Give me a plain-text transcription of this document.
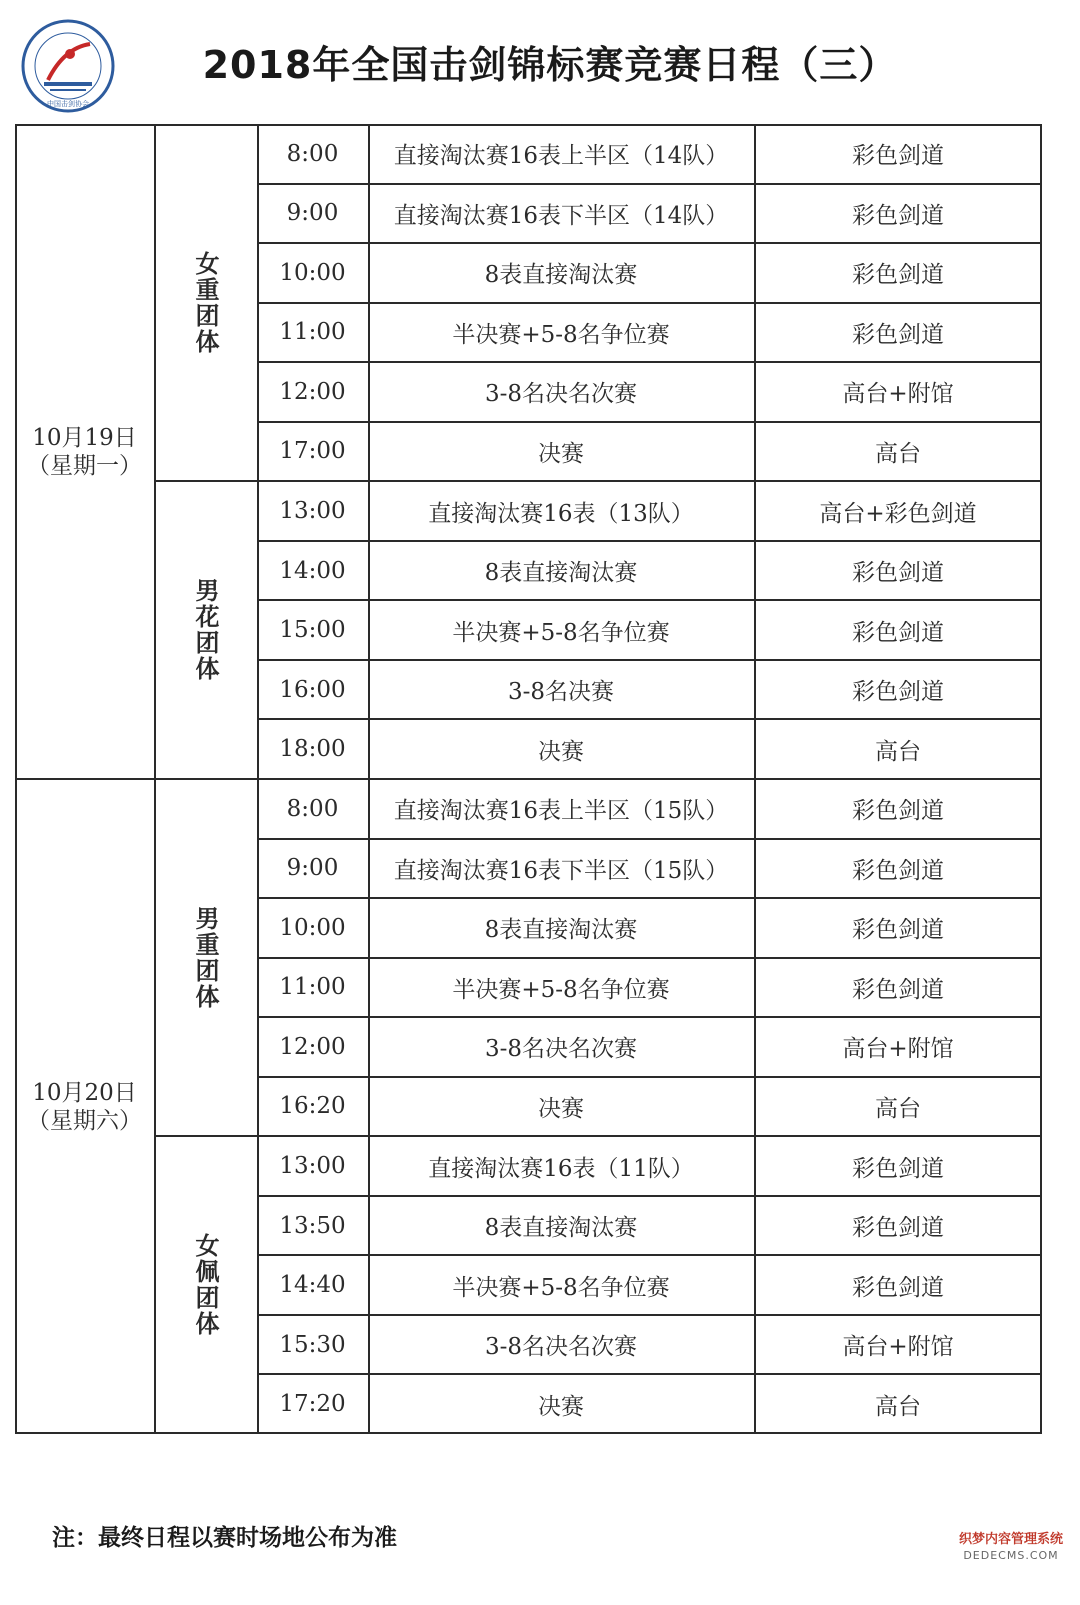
中国击剑协会
2018年全国击剑锦标赛竞赛日程（三）
8:00	直接淘汰赛16表上半区（14队）	彩色剑道
9:00	直接淘汰赛16表下半区（14队）	彩色剑道
10:00	8表直接淘汰赛	彩色剑道
11:00	半决赛+5-8名争位赛	彩色剑道
12:00	3-8名决名次赛	高台+附馆
17:00	决赛	高台
女重团体
13:00	直接淘汰赛16表（13队）	高台+彩色剑道
14:00	8表直接淘汰赛	彩色剑道
15:00	半决赛+5-8名争位赛	彩色剑道
16:00	3-8名决赛	彩色剑道
18:00	决赛	高台
男花团体
10月19日
（星期一）
8:00	直接淘汰赛16表上半区（15队）	彩色剑道
9:00	直接淘汰赛16表下半区（15队）	彩色剑道
10:00	8表直接淘汰赛	彩色剑道
11:00	半决赛+5-8名争位赛	彩色剑道
12:00	3-8名决名次赛	高台+附馆
16:20	决赛	高台
男重团体
13:00	直接淘汰赛16表（11队）	彩色剑道
13:50	8表直接淘汰赛	彩色剑道
14:40	半决赛+5-8名争位赛	彩色剑道
15:30	3-8名决名次赛	高台+附馆
17:20	决赛	高台
女佩团体
10月20日
（星期六）
注：最终日程以赛时场地公布为准	织梦内容管理系统
DEDECMS.COM
